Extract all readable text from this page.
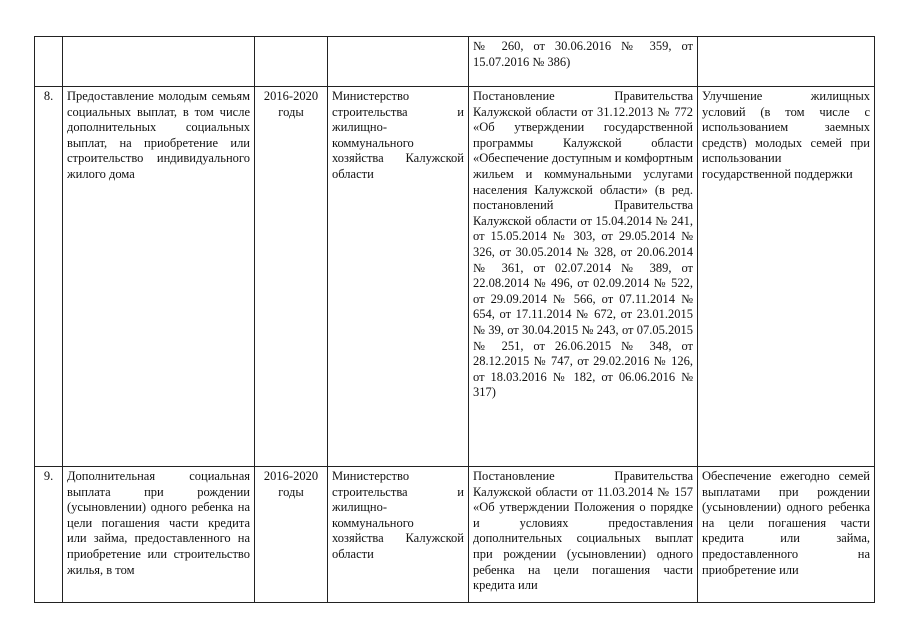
				№ 260, от 30.06.2016 № 359, от 15.07.2016 № 386)	
8.	Предоставление молодым семьям социальных выплат, в том числе дополнительных социальных выплат, на приобретение или строительство индивидуального жилого дома	2016-2020 годы	Министерство строительства и жилищно-коммунального хозяйства Калужской области	Постановление Правительства Калужской области от 31.12.2013 № 772 «Об утверждении государственной программы Калужской области «Обеспечение доступным и комфортным жильем и коммунальными услугами населения Калужской области» (в ред. постановлений Правительства Калужской области от 15.04.2014 № 241, от 15.05.2014 № 303, от 29.05.2014 № 326, от 30.05.2014 № 328, от 20.06.2014 № 361, от 02.07.2014 № 389, от 22.08.2014 № 496, от 02.09.2014 № 522, от 29.09.2014 № 566, от 07.11.2014 № 654, от 17.11.2014 № 672, от 23.01.2015 № 39, от 30.04.2015 № 243, от 07.05.2015 № 251, от 26.06.2015 № 348, от 28.12.2015 № 747, от 29.02.2016 № 126, от 18.03.2016 № 182, от 06.06.2016 № 317)	Улучшение жилищных условий (в том числе с использованием заемных средств) молодых семей при использовании государственной поддержки

9.	Дополнительная социальная выплата при рождении (усыновлении) одного ребенка на цели погашения части кредита или займа, предоставленного на приобретение или строительство жилья, в том	2016-2020 годы	Министерство строительства и жилищно-коммунального хозяйства Калужской области	Постановление Правительства Калужской области от 11.03.2014 № 157 «Об утверждении Положения о порядке и условиях предоставления дополнительных социальных выплат при рождении (усыновлении) одного ребенка на цели погашения части кредита или	Обеспечение ежегодно семей выплатами при рождении (усыновлении) одного ребенка на цели погашения части кредита или займа, предоставленного на приобретение или
